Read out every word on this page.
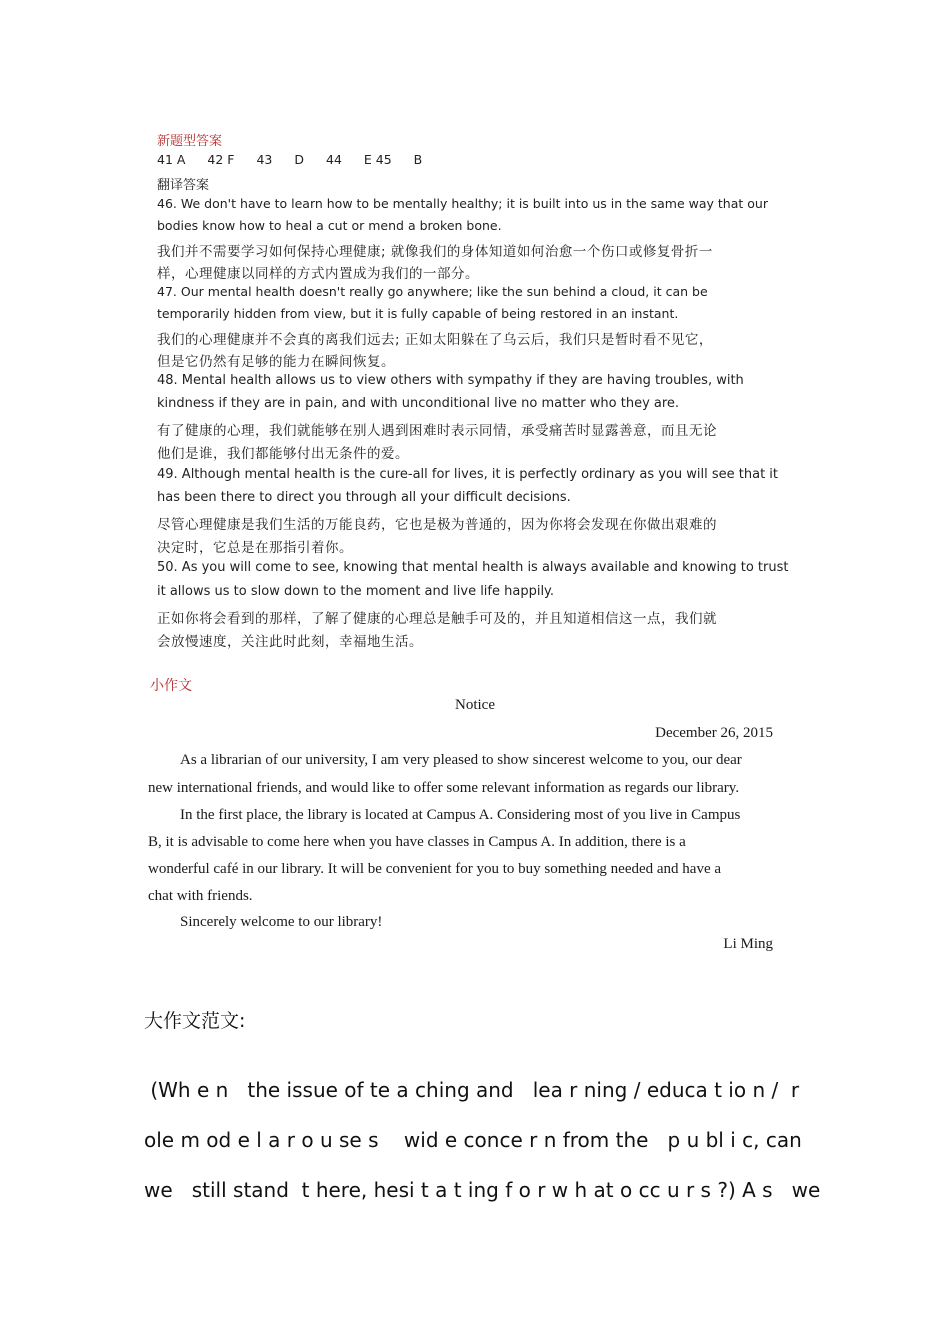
新题型答案
41 A 42 F 43 D 44 E 45 B
翻译答案
46. We don't have to learn how to be mentally healthy; it is built into us in the same way that our
bodies know how to heal a cut or mend a broken bone.
我们并不需要学习如何保持心理健康; 就像我们的身体知道如何治愈一个伤口或修复骨折一
样，心理健康以同样的方式内置成为我们的一部分。
47. Our mental health doesn't really go anywhere; like the sun behind a cloud, it can be
temporarily hidden from view, but it is fully capable of being restored in an instant.
我们的心理健康并不会真的离我们远去; 正如太阳躲在了乌云后，我们只是暂时看不见它，
但是它仍然有足够的能力在瞬间恢复。
48. Mental health allows us to view others with sympathy if they are having troubles, with
kindness if they are in pain, and with unconditional live no matter who they are.
有了健康的心理，我们就能够在别人遇到困难时表示同情，承受痛苦时显露善意，而且无论
他们是谁，我们都能够付出无条件的爱。
49. Although mental health is the cure-all for lives, it is perfectly ordinary as you will see that it
has been there to direct you through all your difficult decisions.
尽管心理健康是我们生活的万能良药，它也是极为普通的，因为你将会发现在你做出艰难的
决定时，它总是在那指引着你。
50. As you will come to see, knowing that mental health is always available and knowing to trust
it allows us to slow down to the moment and live life happily.
正如你将会看到的那样，了解了健康的心理总是触手可及的，并且知道相信这一点，我们就
会放慢速度，关注此时此刻，幸福地生活。
小作文
Notice
December 26, 2015
As a librarian of our university, I am very pleased to show sincerest welcome to you, our dear
new international friends, and would like to offer some relevant information as regards our library.
In the first place, the library is located at Campus A. Considering most of you live in Campus
B, it is advisable to come here when you have classes in Campus A. In addition, there is a
wonderful café in our library. It will be convenient for you to buy something needed and have a
chat with friends.
Sincerely welcome to our library!
Li Ming
大作文范文:
(Wh e n   the issue of te a ching and   lea r ning / educa t io n /  r
ole m od e l a r o u se s    wid e concе r n from the   p u bl i c, can
we   still stand  t here, hesi t a t ing f o r w h at o cc u r s ?) A s   we
